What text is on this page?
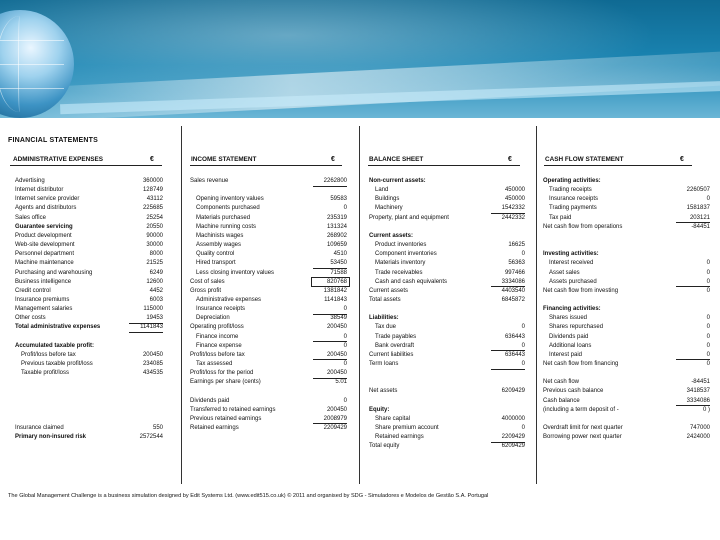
FINANCIAL STATEMENTS
ADMINISTRATIVE EXPENSES	€	INCOME STATEMENT	€	BALANCE SHEET	€	CASH FLOW STATEMENT	€
Advertising	360000
Internet distributor	128749
Internet service provider	43112
Agents and distributors	225685
Sales office	25254
Guarantee servicing	20550
Product development	90000
Web-site development	30000
Personnel department	8000
Machine maintenance	21525
Purchasing and warehousing	6249
Business intelligence	12600
Credit control	4452
Insurance premiums	6003
Management salaries	115000
Other costs	19453
Total administrative expenses	1141843
Accumulated taxable profit:
Profit/loss before tax	200450
Previous taxable profit/loss	234085
Taxable profit/loss	434535
Insurance claimed	550
Primary non-insured risk	2572544
Sales revenue	2262800
Opening inventory values	59583
Components purchased	0
Materials purchased	235319
Machine running costs	131324
Machinists wages	268902
Assembly wages	109659
Quality control	4510
Hired transport	53450
Less closing inventory values	71588
Cost of sales	820768
Gross profit	1381842
Administrative expenses	1141843
Insurance receipts	0
Depreciation	38549
Operating profit/loss	200450
Finance income	0
Finance expense	0
Profit/loss before tax	200450
Tax assessed	0
Profit/loss for the period	200450
Earnings per share (cents)	5.01
Dividends paid	0
Transferred to retained earnings	200450
Previous retained earnings	2008979
Retained earnings	2209429
Non-current assets:
Land	450000
Buildings	450000
Machinery	1542332
Property, plant and equipment	2442332
Current assets:
Product inventories	16625
Component inventories	0
Materials inventory	56363
Trade receivables	997466
Cash and cash equivalents	3334086
Current assets	4403540
Total assets	6845872
Liabilities:
Tax due	0
Trade payables	636443
Bank overdraft	0
Current liabilities	636443
Term loans	0
Net assets	6209429
Equity:
Share capital	4000000
Share premium account	0
Retained earnings	2209429
Total equity	6209429
Operating activities:
Trading receipts	2260507
Insurance receipts	0
Trading payments	1581837
Tax paid	203121
Net cash flow from operations	-84451
Investing activities:
Interest received	0
Asset sales	0
Assets purchased	0
Net cash flow from investing	0
Financing activities:
Shares issued	0
Shares repurchased	0
Dividends paid	0
Additional loans	0
Interest paid	0
Net cash flow from financing	0
Net cash flow	-84451
Previous cash balance	3418537
Cash balance	3334086
(including a term deposit of -	0 )
Overdraft limit for next quarter	747000
Borrowing power next quarter	2424000
The Global Management Challenge is a business simulation designed by Edit Systems Ltd. (www.edit515.co.uk) © 2011 and organised by SDG - Simuladores e Modelos de Gestão S.A. Portugal
